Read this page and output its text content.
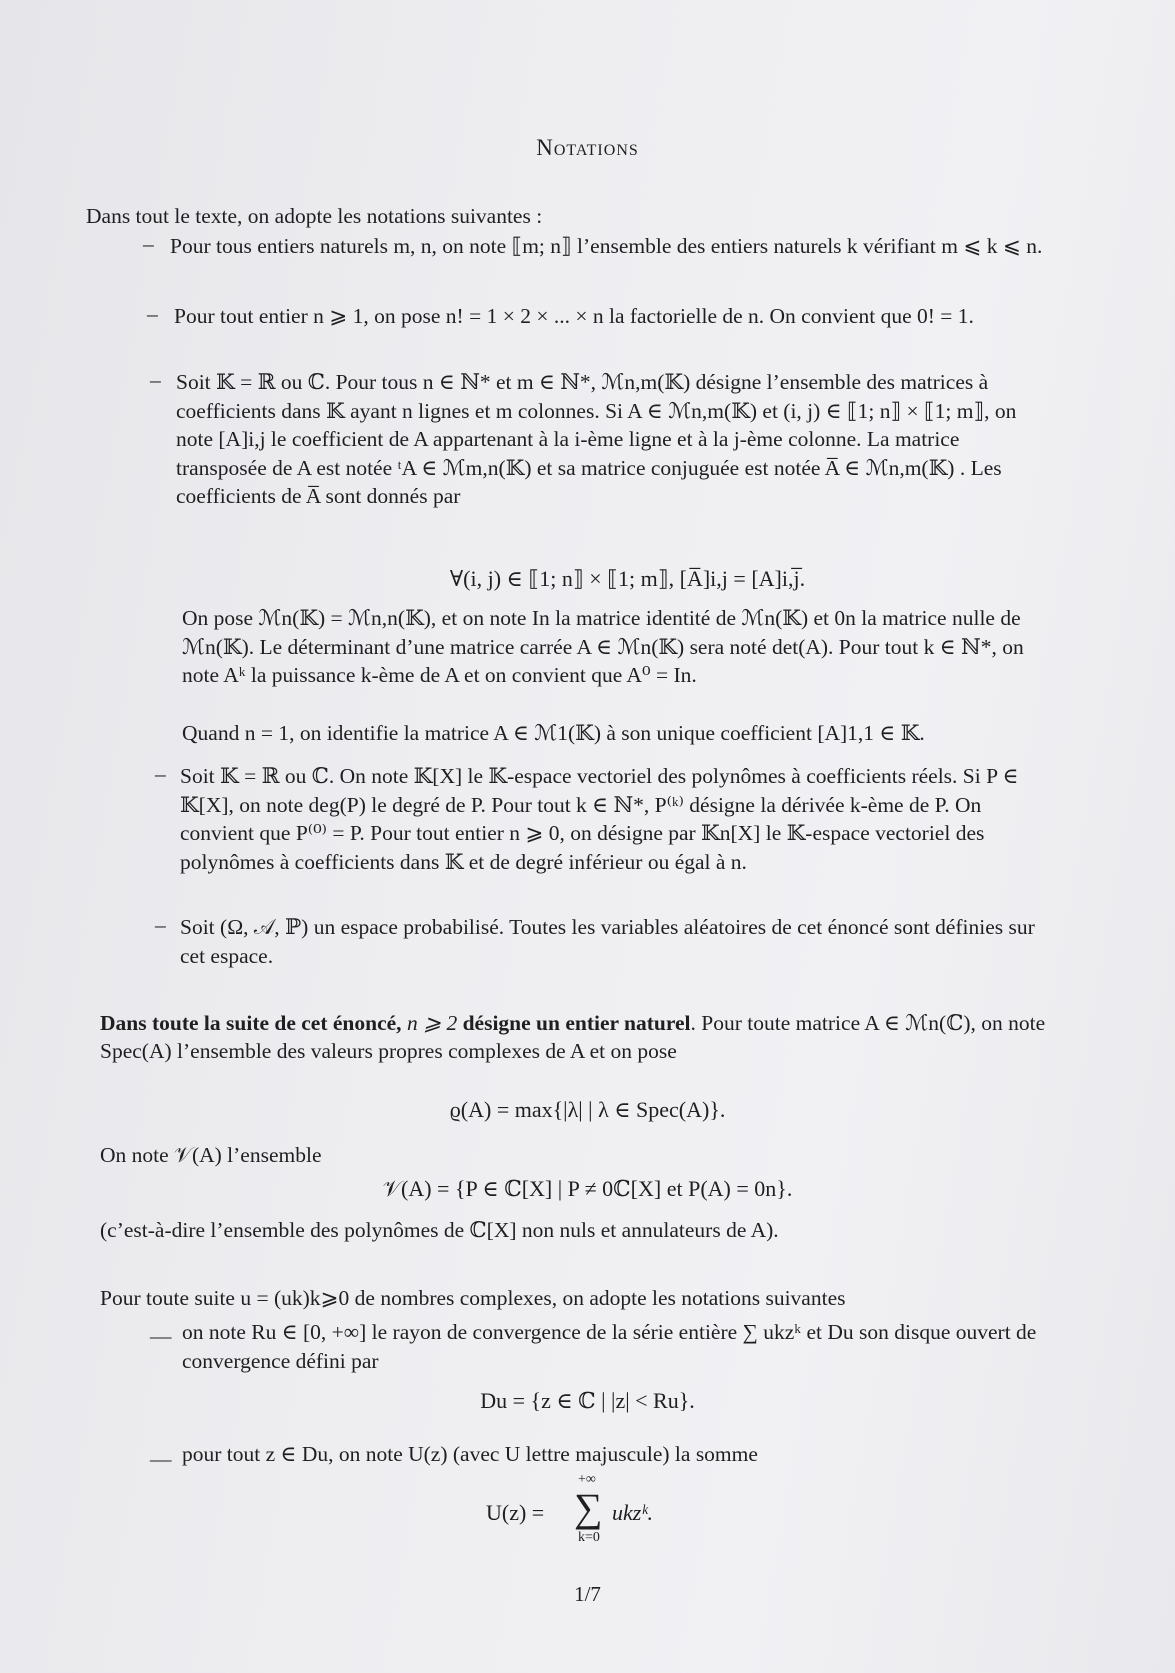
Notations
Dans tout le texte, on adopte les notations suivantes :
– Pour tous entiers naturels m, n, on note ⟦m; n⟧ l’ensemble des entiers naturels k vérifiant m ⩽ k ⩽ n.
– Pour tout entier n ⩾ 1, on pose n! = 1 × 2 × ... × n la factorielle de n. On convient que 0! = 1.
– Soit 𝕂 = ℝ ou ℂ. Pour tous n ∈ ℕ* et m ∈ ℕ*, ℳn,m(𝕂) désigne l’ensemble des matrices à coefficients dans 𝕂 ayant n lignes et m colonnes. Si A ∈ ℳn,m(𝕂) et (i, j) ∈ ⟦1; n⟧ × ⟦1; m⟧, on note [A]i,j le coefficient de A appartenant à la i-ème ligne et à la j-ème colonne. La matrice transposée de A est notée ᵗA ∈ ℳm,n(𝕂) et sa matrice conjuguée est notée A̅ ∈ ℳn,m(𝕂) . Les coefficients de A̅ sont donnés par
∀(i, j) ∈ ⟦1; n⟧ × ⟦1; m⟧, [A̅]i,j = [A]i,j̅.
On pose ℳn(𝕂) = ℳn,n(𝕂), et on note In la matrice identité de ℳn(𝕂) et 0n la matrice nulle de ℳn(𝕂). Le déterminant d’une matrice carrée A ∈ ℳn(𝕂) sera noté det(A). Pour tout k ∈ ℕ*, on note Aᵏ la puissance k-ème de A et on convient que A⁰ = In.
Quand n = 1, on identifie la matrice A ∈ ℳ1(𝕂) à son unique coefficient [A]1,1 ∈ 𝕂.
– Soit 𝕂 = ℝ ou ℂ. On note 𝕂[X] le 𝕂-espace vectoriel des polynômes à coefficients réels. Si P ∈ 𝕂[X], on note deg(P) le degré de P. Pour tout k ∈ ℕ*, P⁽ᵏ⁾ désigne la dérivée k-ème de P. On convient que P⁽⁰⁾ = P. Pour tout entier n ⩾ 0, on désigne par 𝕂n[X] le 𝕂-espace vectoriel des polynômes à coefficients dans 𝕂 et de degré inférieur ou égal à n.
– Soit (Ω, 𝒜, ℙ) un espace probabilisé. Toutes les variables aléatoires de cet énoncé sont définies sur cet espace.
Dans toute la suite de cet énoncé, n ⩾ 2 désigne un entier naturel. Pour toute matrice A ∈ ℳn(ℂ), on note Spec(A) l’ensemble des valeurs propres complexes de A et on pose
ϱ(A) = max{|λ| | λ ∈ Spec(A)}.
On note 𝒱(A) l’ensemble
𝒱(A) = {P ∈ ℂ[X] | P ≠ 0ℂ[X] et P(A) = 0n}.
(c’est-à-dire l’ensemble des polynômes de ℂ[X] non nuls et annulateurs de A).
Pour toute suite u = (uk)k⩾0 de nombres complexes, on adopte les notations suivantes
— on note Ru ∈ [0, +∞] le rayon de convergence de la série entière ∑ ukzᵏ et Du son disque ouvert de convergence défini par
Du = {z ∈ ℂ | |z| < Ru}.
— pour tout z ∈ Du, on note U(z) (avec U lettre majuscule) la somme
U(z) =
+∞
∑
k=0
ukzᵏ.
1/7
